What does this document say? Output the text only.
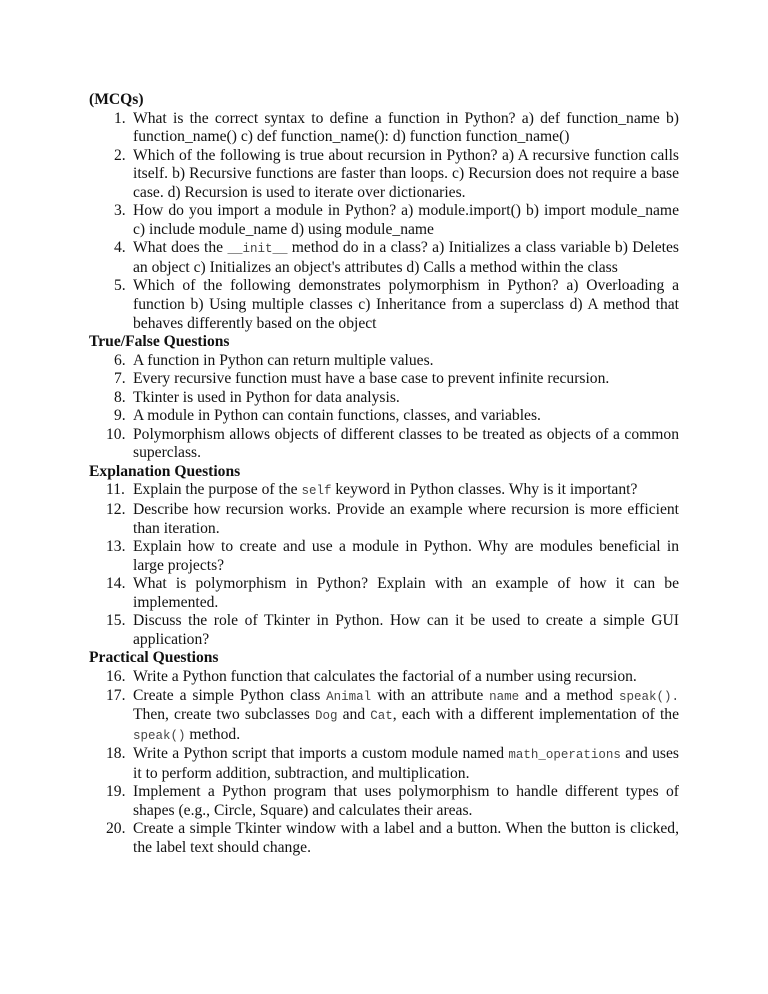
(MCQs)

1. What is the correct syntax to define a function in Python? a) def function_name b) function_name() c) def function_name(): d) function function_name()
2. Which of the following is true about recursion in Python? a) A recursive function calls itself. b) Recursive functions are faster than loops. c) Recursion does not require a base case. d) Recursion is used to iterate over dictionaries.
3. How do you import a module in Python? a) module.import() b) import module_name c) include module_name d) using module_name
4. What does the __init__ method do in a class? a) Initializes a class variable b) Deletes an object c) Initializes an object's attributes d) Calls a method within the class
5. Which of the following demonstrates polymorphism in Python? a) Overloading a function b) Using multiple classes c) Inheritance from a superclass d) A method that behaves differently based on the object

True/False Questions

6. A function in Python can return multiple values.
7. Every recursive function must have a base case to prevent infinite recursion.
8. Tkinter is used in Python for data analysis.
9. A module in Python can contain functions, classes, and variables.
10. Polymorphism allows objects of different classes to be treated as objects of a common superclass.

Explanation Questions

11. Explain the purpose of the self keyword in Python classes. Why is it important?
12. Describe how recursion works. Provide an example where recursion is more efficient than iteration.
13. Explain how to create and use a module in Python. Why are modules beneficial in large projects?
14. What is polymorphism in Python? Explain with an example of how it can be implemented.
15. Discuss the role of Tkinter in Python. How can it be used to create a simple GUI application?

Practical Questions

16. Write a Python function that calculates the factorial of a number using recursion.
17. Create a simple Python class Animal with an attribute name and a method speak(). Then, create two subclasses Dog and Cat, each with a different implementation of the speak() method.
18. Write a Python script that imports a custom module named math_operations and uses it to perform addition, subtraction, and multiplication.
19. Implement a Python program that uses polymorphism to handle different types of shapes (e.g., Circle, Square) and calculates their areas.
20. Create a simple Tkinter window with a label and a button. When the button is clicked, the label text should change.
